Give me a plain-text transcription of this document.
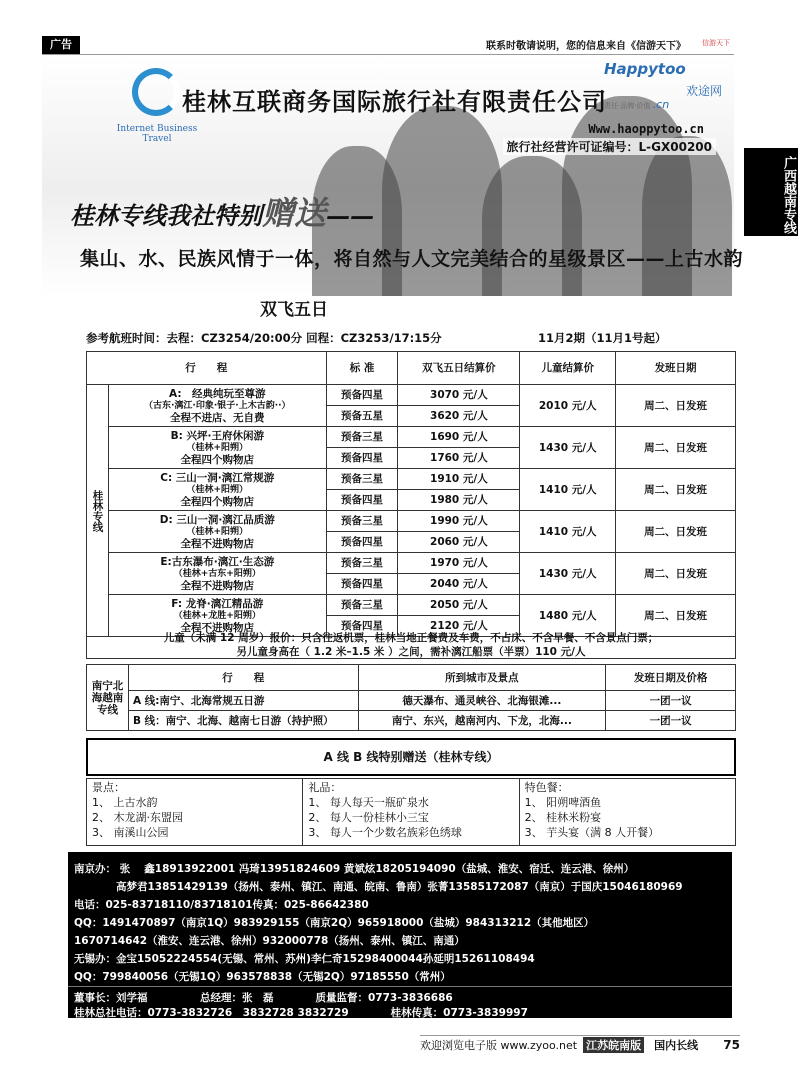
广告	联系时敬请说明，您的信息来自《信游天下》 信游天下
Internet Business Travel
桂林互联商务国际旅行社有限责任公司
Happytoo
欢途网
责任·品牌·价值 .cn
Www.haoppytoo.cn
旅行社经营许可证编号：L-GX00200
广西越南专线
桂林专线我社特别赠送——
集山、水、民族风情于一体，将自然与人文完美结合的星级景区——上古水韵
双飞五日
参考航班时间：去程：CZ3254/20:00分 回程：CZ3253/17:15分	11月2期（11月1号起）
行　　程		标 准	双飞五日结算价	儿童结算价	发班日期
桂林专线	A:　经典纯玩至尊游
（古东·漓江·印象·银子·上木古韵··）
全程不进店、无自费	预备四星	3070 元/人	2010 元/人	周二、日发班
		预备五星	3620 元/人		

	B: 兴坪·王府休闲游
（桂林+阳朔）
全程四个购物店	预备三星	1690 元/人	1430 元/人	周二、日发班
		预备四星	1760 元/人		

	C: 三山一洞·漓江常规游
（桂林+阳朔）
全程四个购物店	预备三星	1910 元/人	1410 元/人	周二、日发班
		预备四星	1980 元/人		

	D: 三山一洞·漓江品质游
（桂林+阳朔）
全程不进购物店	预备三星	1990 元/人	1410 元/人	周二、日发班
		预备四星	2060 元/人		

	E:古东瀑布·漓江·生态游
（桂林+古东+阳朔）
全程不进购物店	预备三星	1970 元/人	1430 元/人	周二、日发班
		预备四星	2040 元/人		

	F: 龙脊·漓江精品游
（桂林+龙胜+阳朔）
全程不进购物店	预备三星	2050 元/人	1480 元/人	周二、日发班
		预备四星	2120 元/人		
儿童（未满 12 周岁）报价：只含往返机票，桂林当地正餐费及车费，不占床、不含早餐、不含景点门票；
另儿童身高在（ 1.2 米–1.5 米 ）之间，需补漓江船票（半票）110 元/人
南宁北海越南专线	行　　程	所到城市及景点	发班日期及价格
	A 线:南宁、北海常规五日游	德天瀑布、通灵峡谷、北海银滩...	一团一议
	B 线：南宁、北海、越南七日游（持护照）	南宁、东兴，越南河内、下龙，北海...	一团一议
A 线 B 线特别赠送（桂林专线）
景点：
1、 上古水韵
2、 木龙湖·东盟园
3、 南溪山公园
礼品：
1、 每人每天一瓶矿泉水
2、 每人一份桂林小三宝
3、 每人一个少数名族彩色绣球
特色餐：
1、 阳朔啤酒鱼
2、 桂林米粉宴
3、 芋头宴（满 8 人开餐）
南京办： 张　 鑫18913922001 冯琦13951824609 黄斌炫18205194090（盐城、淮安、宿迁、连云港、徐州）
　　　　高梦君13851429139（扬州、泰州、镇江、南通、皖南、鲁南）张菁13585172087（南京）于国庆15046180969
电话：025-83718110/83718101传真：025-86642380
QQ：1491470897（南京1Q）983929155（南京2Q）965918000（盐城）984313212（其他地区）
1670714642（淮安、连云港、徐州）932000778（扬州、泰州、镇江、南通）
无锡办：金宝15052224554(无锡、常州、苏州)李仁奇15298400044孙延明15261108494
QQ：799840056（无锡1Q）963578838（无锡2Q）97185550（常州）
董事长：刘学福　　　　　总经理：张　磊　　　　质量监督：0773-3836686
桂林总社电话：0773-3832726　3832728 3832729　　　　桂林传真：0773-3839997
欢迎浏览电子版 www.zyoo.net 江苏皖南版 国内长线 75
